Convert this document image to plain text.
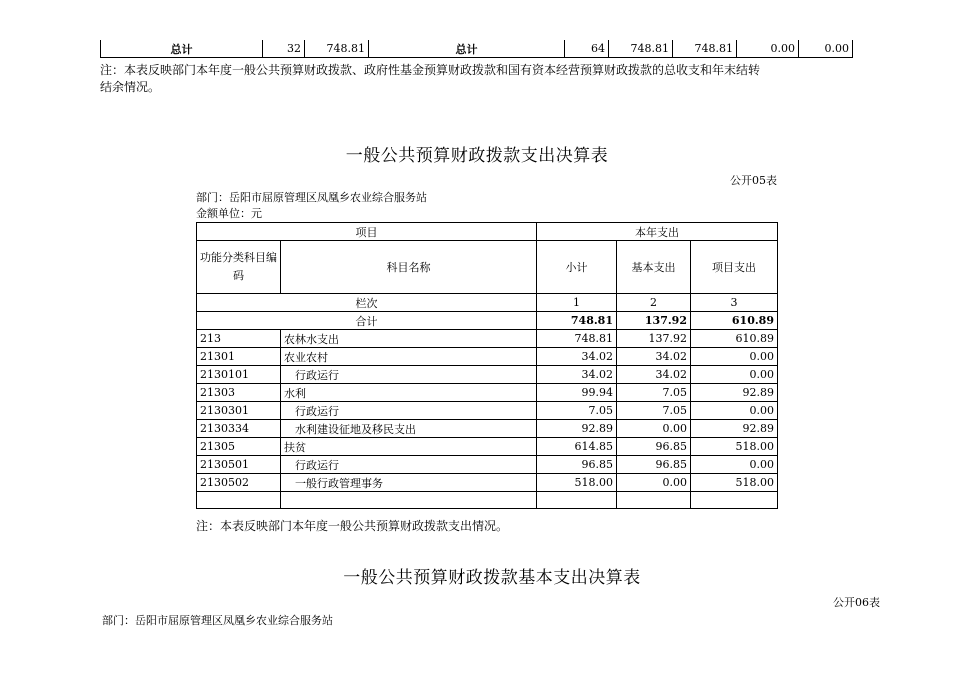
总计	32	748.81	总计	64	748.81	748.81	0.00	0.00
注：本表反映部门本年度一般公共预算财政拨款、政府性基金预算财政拨款和国有资本经营预算财政拨款的总收支和年末结转
结余情况。
一般公共预算财政拨款支出决算表
公开05表
部门：岳阳市屈原管理区凤凰乡农业综合服务站
金额单位：元
项目		本年支出		
功能分类科目编码	科目名称	小计	基本支出	项目支出
栏次		1	2	3
合计		748.81	137.92	610.89
213	农林水支出	748.81	137.92	610.89
21301	农业农村	34.02	34.02	0.00
2130101	行政运行	34.02	34.02	0.00
21303	水利	99.94	7.05	92.89
2130301	行政运行	7.05	7.05	0.00
2130334	水利建设征地及移民支出	92.89	0.00	92.89
21305	扶贫	614.85	96.85	518.00
2130501	行政运行	96.85	96.85	0.00
2130502	一般行政管理事务	518.00	0.00	518.00

注：本表反映部门本年度一般公共预算财政拨款支出情况。
一般公共预算财政拨款基本支出决算表
公开06表
部门：岳阳市屈原管理区凤凰乡农业综合服务站
